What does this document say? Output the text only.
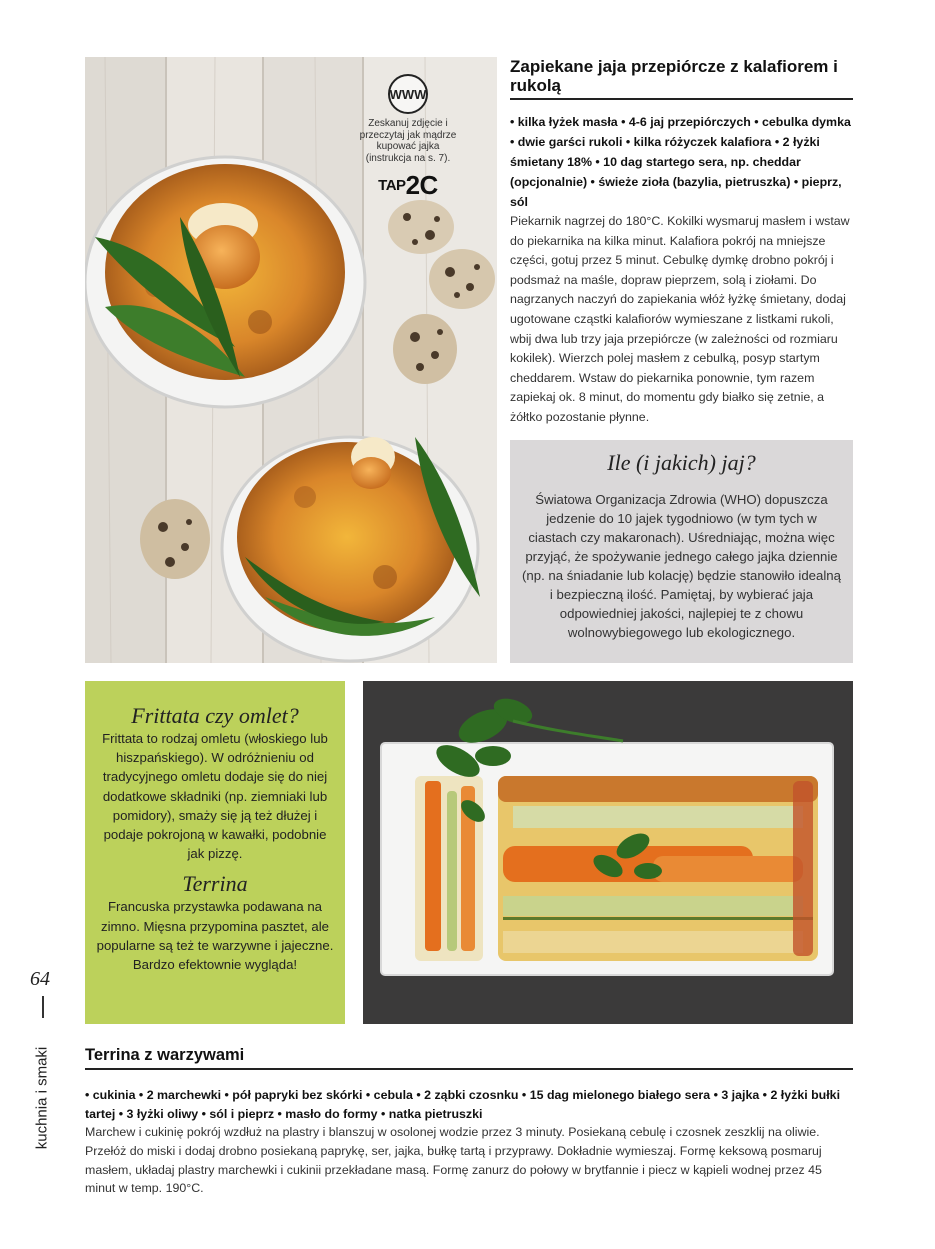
WWW
Zeskanuj zdjęcie i przeczytaj jak mądrze kupować jajka (instrukcja na s. 7).
TAP2C
Zapiekane jaja przepiórcze z kalafiorem i rukolą
• kilka łyżek masła • 4-6 jaj przepiórczych • cebulka dymka • dwie garści rukoli • kilka różyczek kalafiora • 2 łyżki śmietany 18% • 10 dag startego sera, np. cheddar (opcjonalnie) • świeże zioła (bazylia, pietruszka) • pieprz, sól
Piekarnik nagrzej do 180°C. Kokilki wysmaruj masłem i wstaw do piekarnika na kilka minut. Kalafiora pokrój na mniejsze części, gotuj przez 5 minut. Cebulkę dymkę drobno pokrój i podsmaż na maśle, dopraw pieprzem, solą i ziołami. Do nagrzanych naczyń do zapiekania włóż łyżkę śmietany, dodaj ugotowane cząstki kalafiorów wymieszane z listkami rukoli, wbij dwa lub trzy jaja przepiórcze (w zależności od rozmiaru kokilek). Wierzch polej masłem z cebulką, posyp startym cheddarem. Wstaw do piekarnika ponownie, tym razem zapiekaj ok. 8 minut, do momentu gdy białko się zetnie, a żółtko pozostanie płynne.
Ile (i jakich) jaj?
Światowa Organizacja Zdrowia (WHO) dopuszcza jedzenie do 10 jajek tygodniowo (w tym tych w ciastach czy makaronach). Uśredniając, można więc przyjąć, że spożywanie jednego całego jajka dziennie (np. na śniadanie lub kolację) będzie stanowiło idealną i bezpieczną ilość. Pamiętaj, by wybierać jaja odpowiedniej jakości, najlepiej te z chowu wolnowybiegowego lub ekologicznego.
Frittata czy omlet?
Frittata to rodzaj omletu (włoskiego lub hiszpańskiego). W odróżnieniu od tradycyjnego omletu dodaje się do niej dodatkowe składniki (np. ziemniaki lub pomidory), smaży się ją też dłużej i podaje pokrojoną w kawałki, podobnie jak pizzę.
Terrina
Francuska przystawka podawana na zimno. Mięsna przypomina pasztet, ale popularne są też te warzywne i jajeczne. Bardzo efektownie wygląda!
64
kuchnia i smaki Terrina z warzywami
• cukinia • 2 marchewki • pół papryki bez skórki • cebula • 2 ząbki czosnku • 15 dag mielonego białego sera • 3 jajka • 2 łyżki bułki tartej • 3 łyżki oliwy • sól i pieprz • masło do formy • natka pietruszki
Marchew i cukinię pokrój wzdłuż na plastry i blanszuj w osolonej wodzie przez 3 minuty. Posiekaną cebulę i czosnek zeszklij na oliwie. Przełóż do miski i dodaj drobno posiekaną paprykę, ser, jajka, bułkę tartą i przyprawy. Dokładnie wymieszaj. Formę keksową posmaruj masłem, układaj plastry marchewki i cukinii przekładane masą. Formę zanurz do połowy w brytfannie i piecz w kąpieli wodnej przez 45 minut w temp. 190°C.
